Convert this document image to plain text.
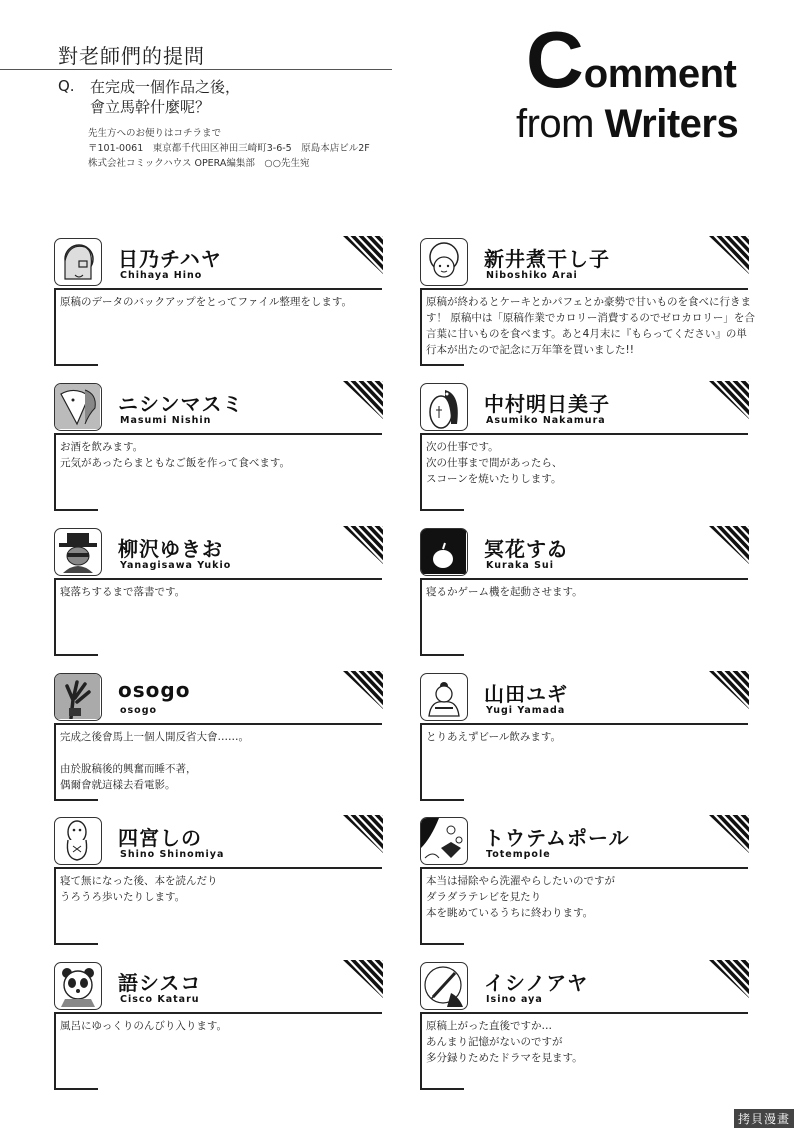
對老師們的提問
Q. 在完成一個作品之後，
會立馬幹什麼呢？
先生方へのお便りはコチラまで
〒101-0061　東京都千代田区神田三崎町3-6-5　原島本店ビル2F
株式会社コミックハウス OPERA編集部　○○先生宛
Comment
from Writers
日乃チハヤ
Chihaya Hino
原稿のデータのバックアップをとってファイル整理をします。
新井煮干し子
Niboshiko Arai
原稿が終わるとケーキとかパフェとか豪勢で甘いものを食べに行きます！ 原稿中は「原稿作業でカロリー消費するのでゼロカロリー」を合言葉に甘いものを食べます。あと4月末に『もらってください』の単行本が出たので記念に万年筆を買いました!!
ニシンマスミ
Masumi Nishin
お酒を飲みます。
元気があったらまともなご飯を作って食べます。
中村明日美子
Asumiko Nakamura
次の仕事です。
次の仕事まで間があったら、
スコーンを焼いたりします。
柳沢ゆきお
Yanagisawa Yukio
寝落ちするまで落書です。
冥花すゐ
Kuraka Sui
寝るかゲーム機を起動させます。
osogo
osogo
完成之後會馬上一個人開反省大會……。

由於脫稿後的興奮而睡不著，
偶爾會就這樣去看電影。
山田ユギ
Yugi Yamada
とりあえずビール飲みます。
四宮しの
Shino Shinomiya
寝て無になった後、本を読んだり
うろうろ歩いたりします。
トウテムポール
Totempole
本当は掃除やら洗濯やらしたいのですが
ダラダラテレビを見たり
本を眺めているうちに終わります。
語シスコ
Cisco Kataru
風呂にゆっくりのんびり入ります。
イシノアヤ
Isino aya
原稿上がった直後ですか…
あんまり記憶がないのですが
多分録りためたドラマを見ます。
拷貝漫畫
